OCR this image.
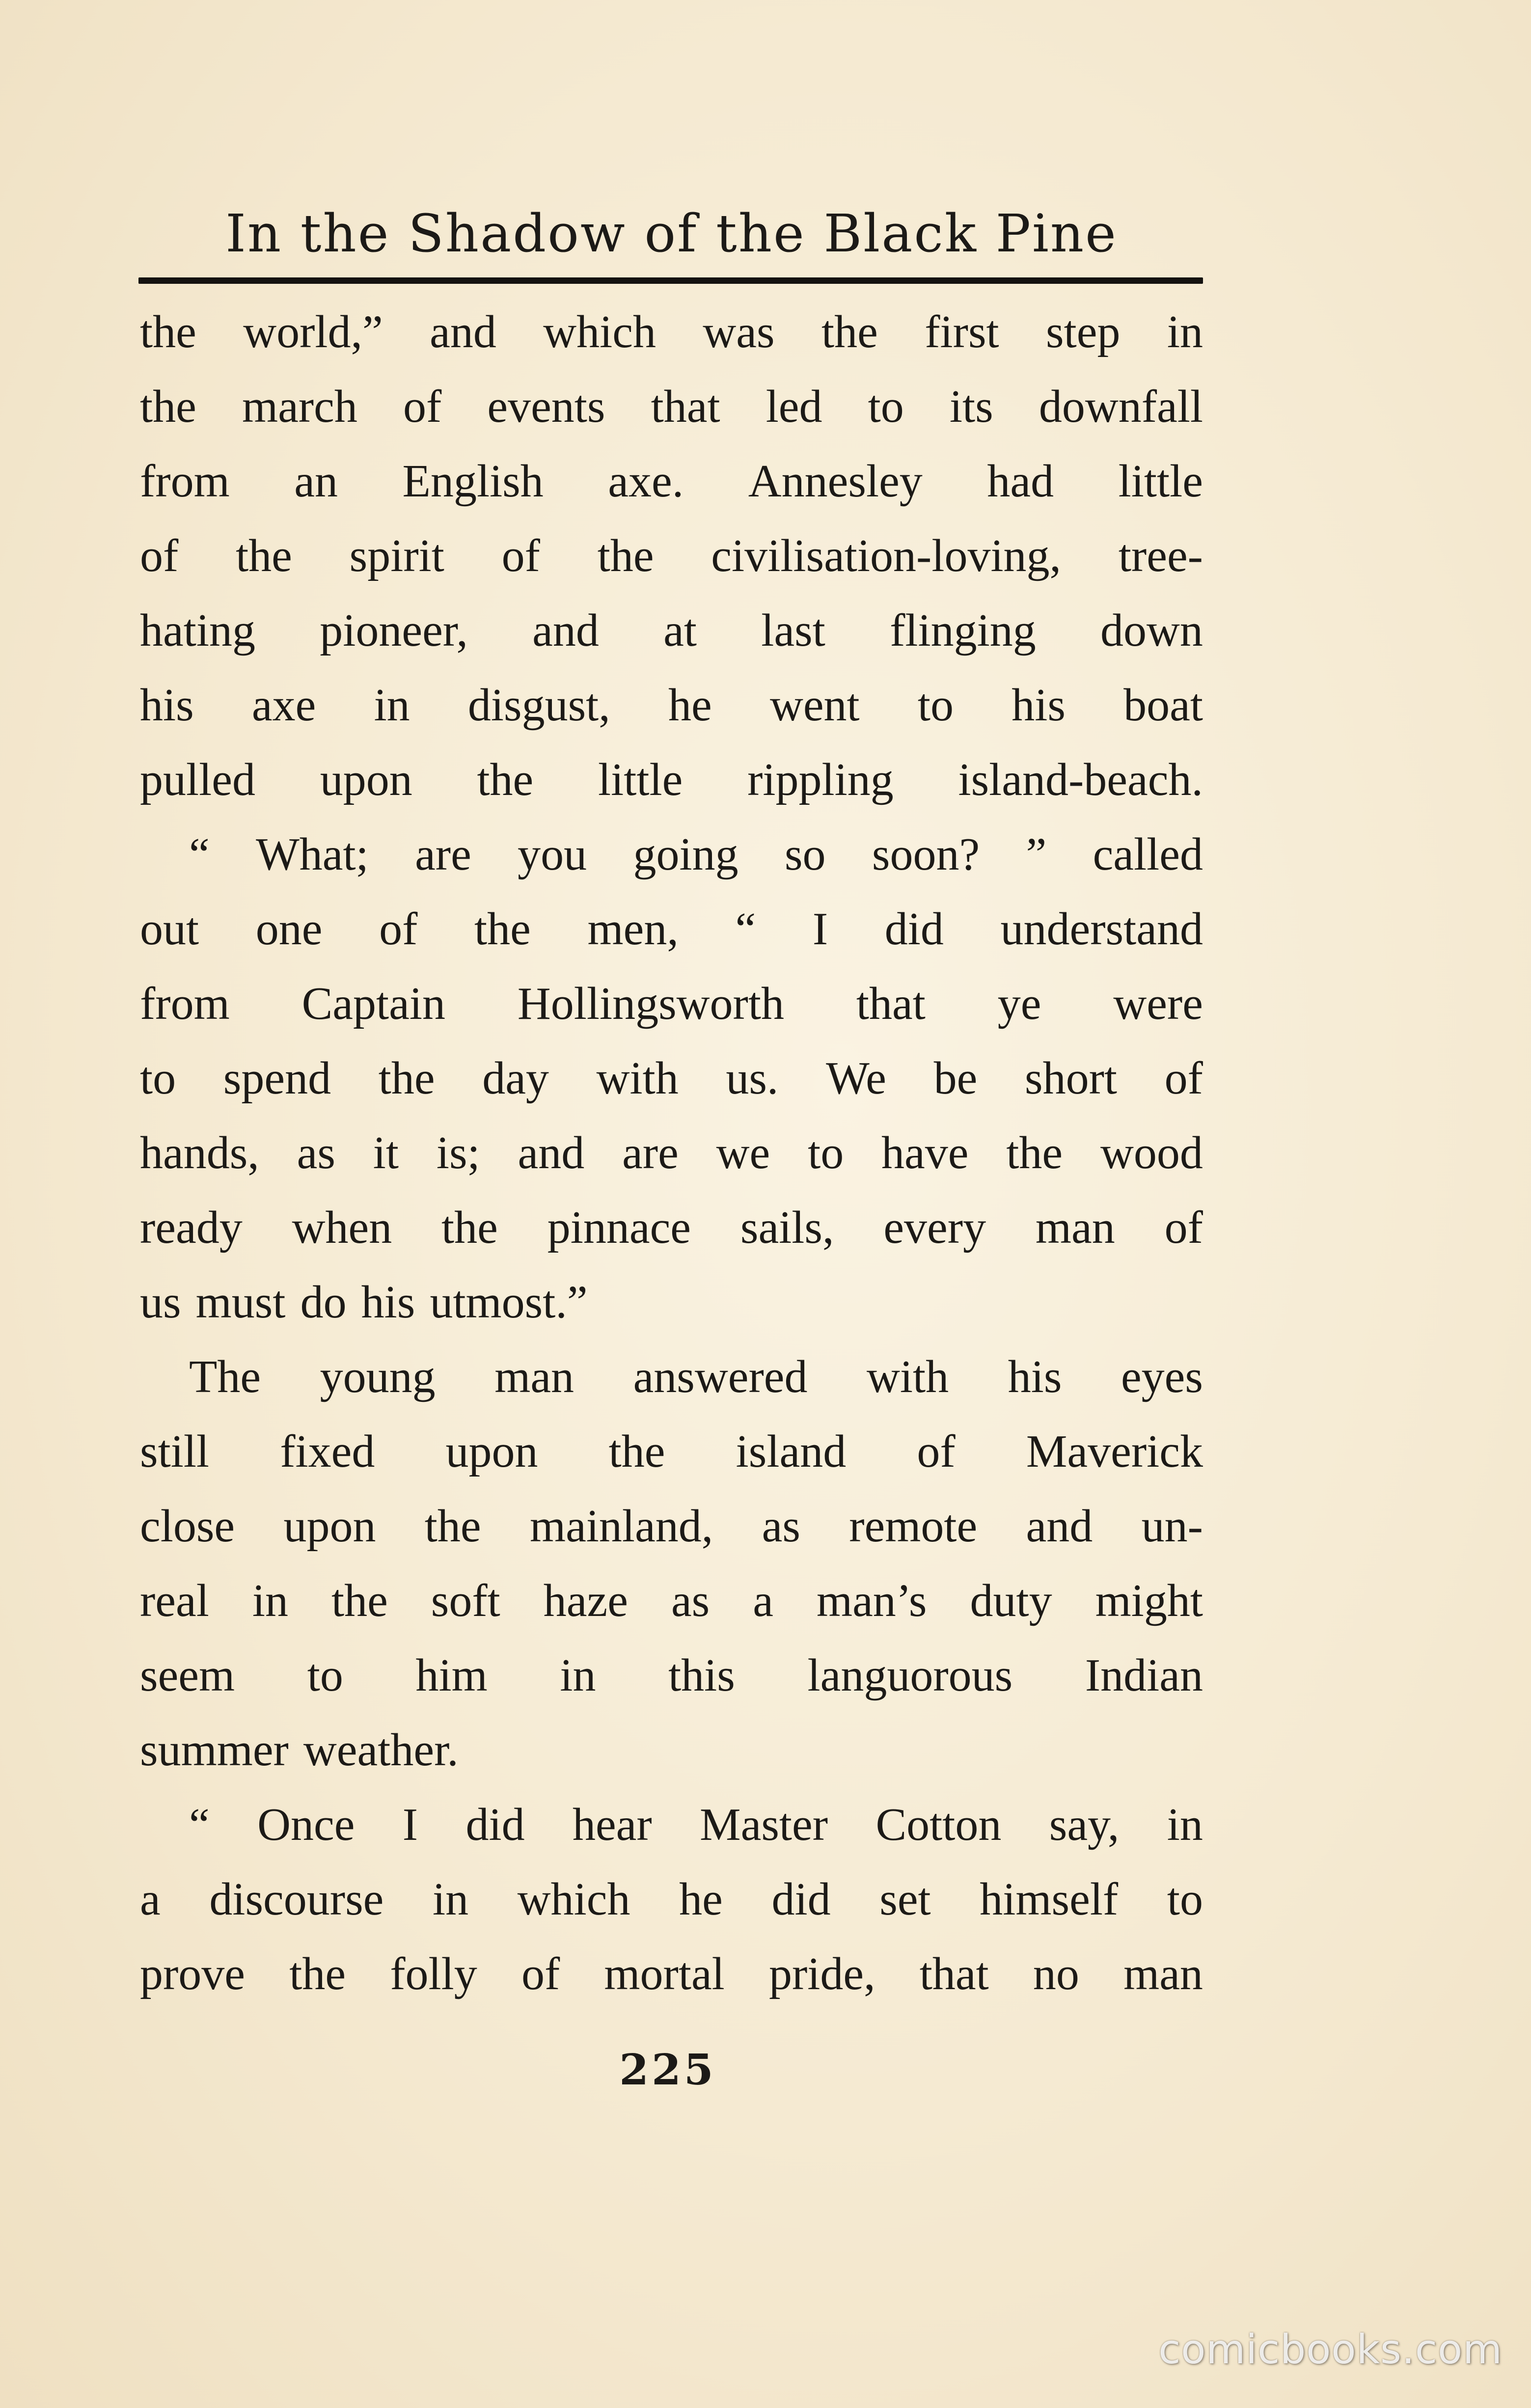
In the Shadow of the Black Pine
the world,” and which was the first step in
the march of events that led to its downfall
from an English axe. Annesley had little
of the spirit of the civilisation-loving, tree-
hating pioneer, and at last flinging down
his axe in disgust, he went to his boat
pulled upon the little rippling island-beach.
“ What; are you going so soon? ” called
out one of the men, “ I did understand
from Captain Hollingsworth that ye were
to spend the day with us. We be short of
hands, as it is; and are we to have the wood
ready when the pinnace sails, every man of
us must do his utmost.”
The young man answered with his eyes
still fixed upon the island of Maverick
close upon the mainland, as remote and un-
real in the soft haze as a man’s duty might
seem to him in this languorous Indian
summer weather.
“ Once I did hear Master Cotton say, in
a discourse in which he did set himself to
prove the folly of mortal pride, that no man
225
comicbooks.com
